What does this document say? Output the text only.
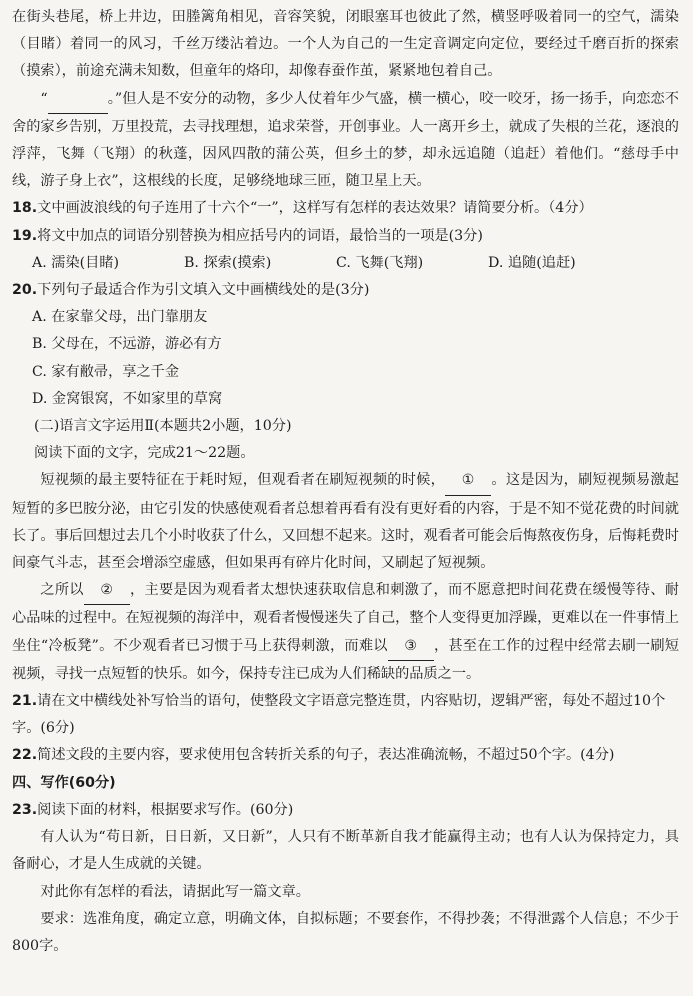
在街头巷尾，桥上井边，田塍篱角相见，音容笑貌，闭眼塞耳也彼此了然，横竖呼吸着同一的空气，濡染（目睹）着同一的风习，千丝万缕沾着边。一个人为自己的一生定音调定向定位，要经过千磨百折的探索（摸索），前途充满未知数，但童年的烙印，却像春蚕作茧，紧紧地包着自己。

“	。”但人是不安分的动物，多少人仗着年少气盛，横一横心，咬一咬牙，扬一扬手，向恋恋不舍的家乡告别，万里投荒，去寻找理想，追求荣誉，开创事业。人一离开乡土，就成了失根的兰花，逐浪的浮萍，飞舞（飞翔）的秋蓬，因风四散的蒲公英，但乡土的梦，却永远追随（追赶）着他们。“慈母手中线，游子身上衣”，这根线的长度，足够绕地球三匝，随卫星上天。

18.文中画波浪线的句子连用了十六个“一”，这样写有怎样的表达效果？请简要分析。（4分）

19.将文中加点的词语分别替换为相应括号内的词语，最恰当的一项是(3分)

A. 濡染(目睹)	B. 探索(摸索)	C. 飞舞(飞翔)	D. 追随(追赶)

20.下列句子最适合作为引文填入文中画横线处的是(3分)

A. 在家靠父母，出门靠朋友

B. 父母在，不远游，游必有方

C. 家有敝帚，享之千金

D. 金窝银窝，不如家里的草窝

(二)语言文字运用Ⅱ(本题共2小题，10分)

阅读下面的文字，完成21～22题。

短视频的最主要特征在于耗时短，但观看者在刷短视频的时候， ① 。这是因为，刷短视频易激起短暂的多巴胺分泌，由它引发的快感使观看者总想着再看有没有更好看的内容，于是不知不觉花费的时间就长了。事后回想过去几个小时收获了什么，又回想不起来。这时，观看者可能会后悔熬夜伤身，后悔耗费时间豪气斗志，甚至会增添空虚感，但如果再有碎片化时间，又刷起了短视频。

之所以 ② ，主要是因为观看者太想快速获取信息和刺激了，而不愿意把时间花费在缓慢等待、耐心品味的过程中。在短视频的海洋中，观看者慢慢迷失了自己，整个人变得更加浮躁，更难以在一件事情上坐住“冷板凳”。不少观看者已习惯于马上获得刺激，而难以 ③ ，甚至在工作的过程中经常去刷一刷短视频，寻找一点短暂的快乐。如今，保持专注已成为人们稀缺的品质之一。

21.请在文中横线处补写恰当的语句，使整段文字语意完整连贯，内容贴切，逻辑严密，每处不超过10个字。(6分)

22.简述文段的主要内容，要求使用包含转折关系的句子，表达准确流畅，不超过50个字。(4分)

四、写作(60分)

23.阅读下面的材料，根据要求写作。(60分)

有人认为“苟日新，日日新，又日新”，人只有不断革新自我才能赢得主动；也有人认为保持定力，具备耐心，才是人生成就的关键。

对此你有怎样的看法，请据此写一篇文章。

要求：选准角度，确定立意，明确文体，自拟标题；不要套作，不得抄袭；不得泄露个人信息；不少于800字。
